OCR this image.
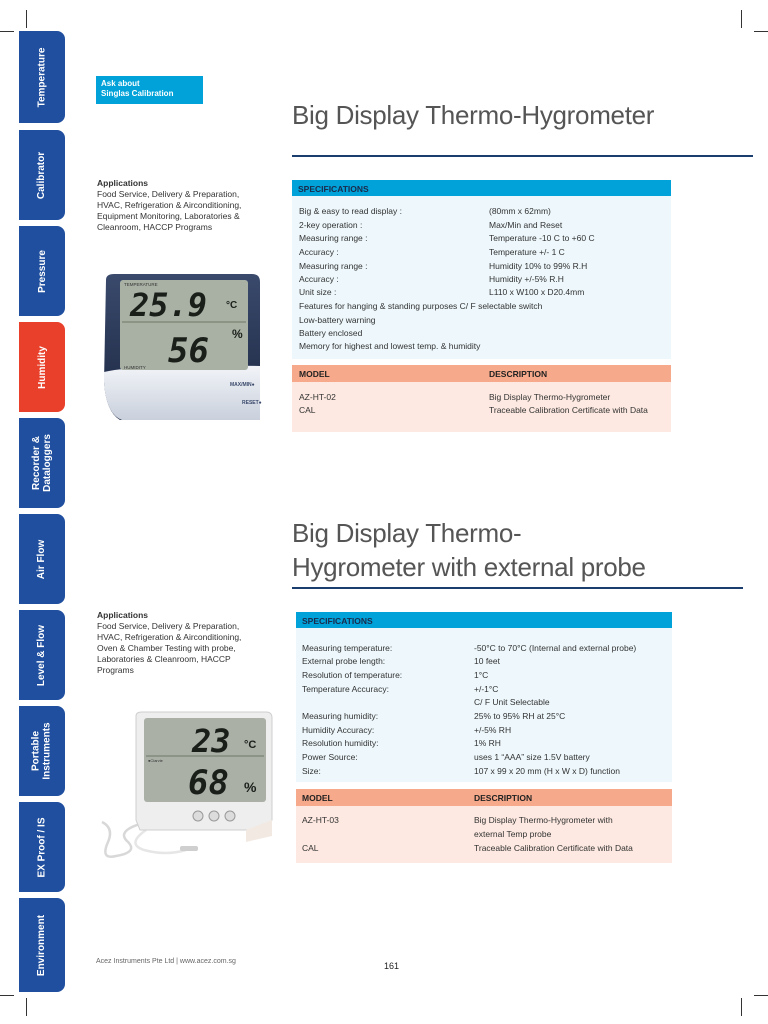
Temperature
Calibrator
Pressure
Humidity
Recorder & Dataloggers
Air Flow
Level & Flow
Portable Instruments
EX Proof / IS
Environment
Ask about
Singlas Calibration
Big Display Thermo-Hygrometer
Applications
Food Service, Delivery & Preparation,
HVAC, Refrigeration & Airconditioning,
Equipment Monitoring, Laboratories &
Cleanroom, HACCP Programs
TEMPERATURE
HUMIDITY
25.9 °C
56 %
MAX/MIN●
RESET●
SPECIFICATIONS
Big & easy to read display :	(80mm x 62mm)
2-key operation :	Max/Min and Reset
Measuring range :	Temperature -10 C to +60 C
Accuracy :	Temperature +/- 1 C
Measuring range :	Humidity 10% to 99% R.H
Accuracy :	Humidity +/-5% R.H
Unit size :	L110 x W100 x D20.4mm
Features for hanging & standing purposes C/ F selectable switch
Low-battery warning
Battery enclosed
Memory for highest and lowest temp. & humidity
MODEL	DESCRIPTION
AZ-HT-02	Big Display Thermo-Hygrometer
CAL	Traceable Calibration Certificate with Data
Big Display Thermo-
Hygrometer with external probe
Applications
Food Service, Delivery & Preparation,
HVAC, Refrigeration & Airconditioning,
Oven & Chamber Testing with probe,
Laboratories & Cleanroom, HACCP
Programs
23 °C
68 %
●Clarvie
SPECIFICATIONS
Measuring temperature:	-50°C to 70°C (Internal and external probe)
External probe length:	10 feet
Resolution of temperature:	1°C
Temperature Accuracy:	+/-1°C
C/ F Unit Selectable
Measuring humidity:	25% to 95% RH at 25°C
Humidity Accuracy:	+/-5% RH
Resolution humidity:	1% RH
Power Source:	uses 1 “AAA” size 1.5V battery
Size:	107 x 99 x 20 mm (H x W x D) function
MODEL	DESCRIPTION
AZ-HT-03	Big Display Thermo-Hygrometer with
external Temp probe
CAL	Traceable Calibration Certificate with Data
Acez Instruments Pte Ltd | www.acez.com.sg	161
